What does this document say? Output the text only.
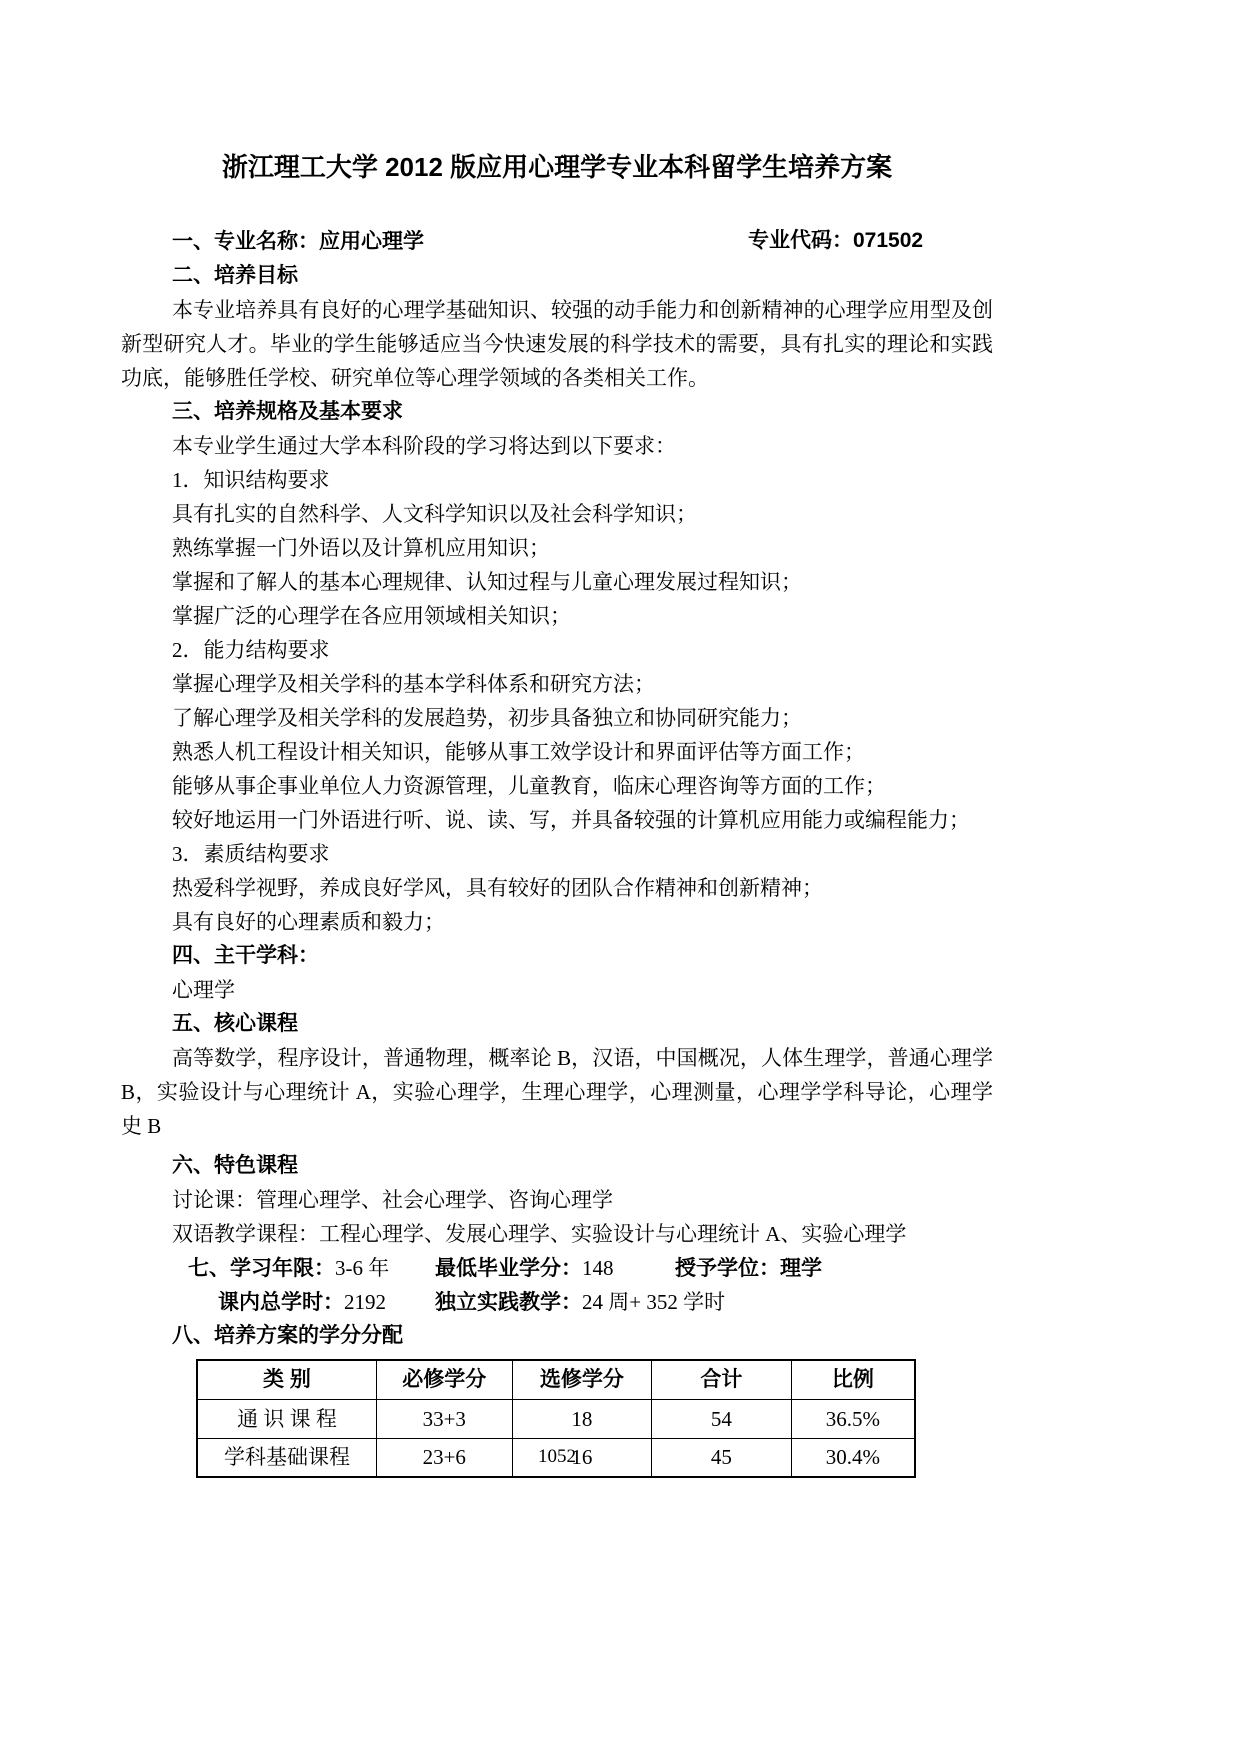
浙江理工大学 2012 版应用心理学专业本科留学生培养方案
一、专业名称：应用心理学	专业代码：071502
二、培养目标
本专业培养具有良好的心理学基础知识、较强的动手能力和创新精神的心理学应用型及创新型研究人才。毕业的学生能够适应当今快速发展的科学技术的需要，具有扎实的理论和实践功底，能够胜任学校、研究单位等心理学领域的各类相关工作。
三、培养规格及基本要求
本专业学生通过大学本科阶段的学习将达到以下要求：
1．知识结构要求
具有扎实的自然科学、人文科学知识以及社会科学知识；
熟练掌握一门外语以及计算机应用知识；
掌握和了解人的基本心理规律、认知过程与儿童心理发展过程知识；
掌握广泛的心理学在各应用领域相关知识；
2．能力结构要求
掌握心理学及相关学科的基本学科体系和研究方法；
了解心理学及相关学科的发展趋势，初步具备独立和协同研究能力；
熟悉人机工程设计相关知识，能够从事工效学设计和界面评估等方面工作；
能够从事企事业单位人力资源管理，儿童教育，临床心理咨询等方面的工作；
较好地运用一门外语进行听、说、读、写，并具备较强的计算机应用能力或编程能力；
3．素质结构要求
热爱科学视野，养成良好学风，具有较好的团队合作精神和创新精神；
具有良好的心理素质和毅力；
四、主干学科：
心理学
五、核心课程
高等数学，程序设计，普通物理，概率论 B，汉语，中国概况，人体生理学，普通心理学 B，实验设计与心理统计 A，实验心理学，生理心理学，心理测量，心理学学科导论，心理学史 B
六、特色课程
讨论课：管理心理学、社会心理学、咨询心理学
双语教学课程：工程心理学、发展心理学、实验设计与心理统计 A、实验心理学
七、学习年限：3-6 年 最低毕业学分：148	授予学位：理学
课内总学时：2192 独立实践教学：24 周+ 352 学时
八、培养方案的学分分配
类 别	必修学分	选修学分	合计	比例
通 识 课 程	33+3	18	54	36.5%
学科基础课程	23+6	16	45	30.4%
1052
